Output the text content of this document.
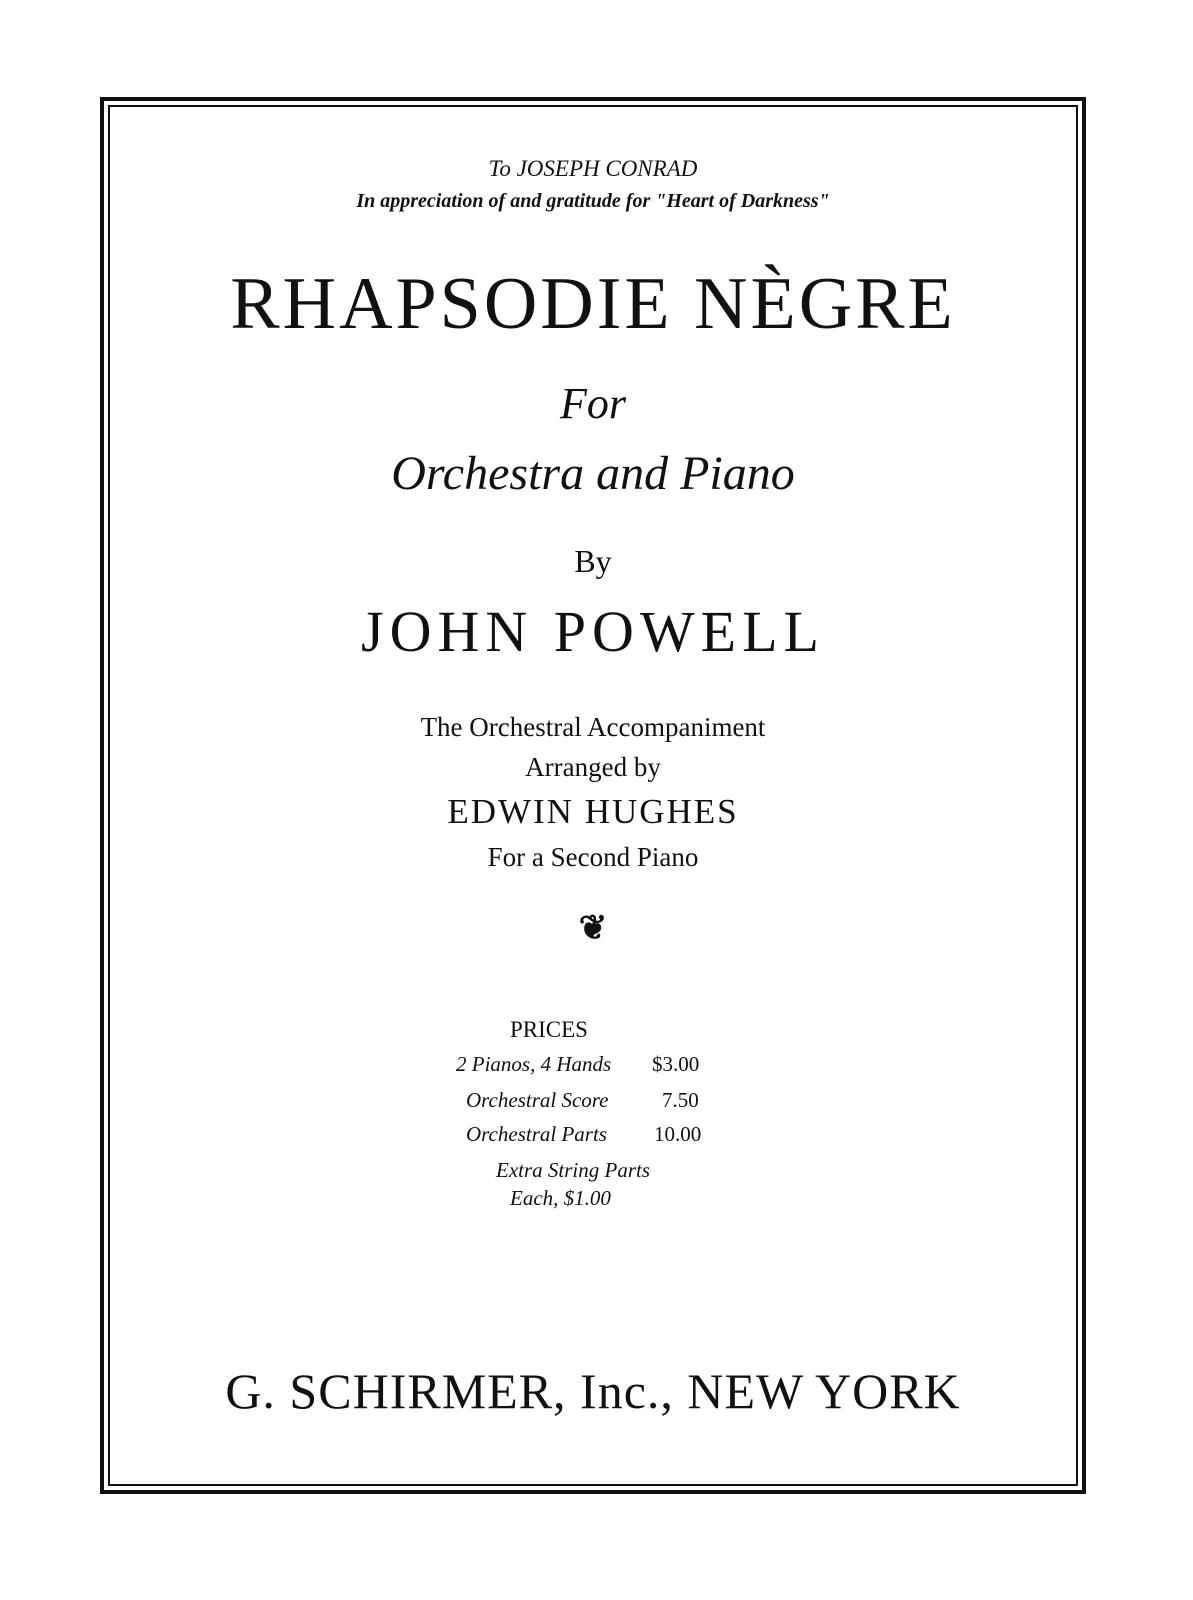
To JOSEPH CONRAD
In appreciation of and gratitude for "Heart of Darkness"
RHAPSODIE NÈGRE
For
Orchestra and Piano
By
JOHN POWELL
The Orchestral Accompaniment
Arranged by
EDWIN HUGHES
For a Second Piano
❦
PRICES
2 Pianos, 4 Hands $3.00
Orchestral Score	7.50
Orchestral Parts 10.00
Extra String Parts
Each, $1.00
G. SCHIRMER, Inc., NEW YORK
